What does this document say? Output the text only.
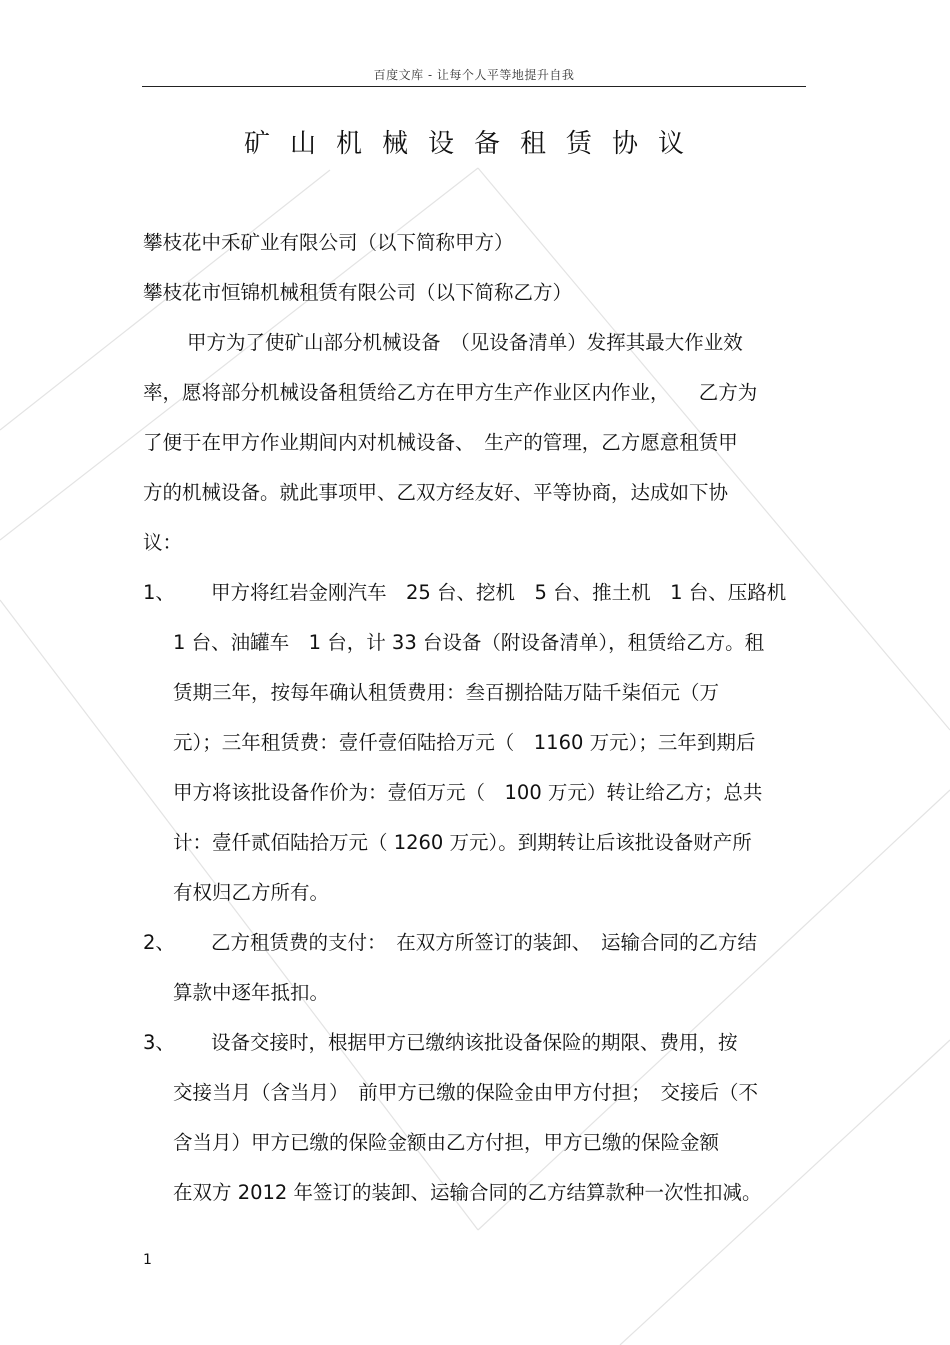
百度文库 - 让每个人平等地提升自我
矿山机械设备租赁协议
攀枝花中禾矿业有限公司（以下简称甲方）
攀枝花市恒锦机械租赁有限公司（以下简称乙方）
甲方为了使矿山部分机械设备　（见设备清单）发挥其最大作业效
率，愿将部分机械设备租赁给乙方在甲方生产作业区内作业，　　乙方为
了便于在甲方作业期间内对机械设备、　生产的管理，乙方愿意租赁甲
方的机械设备。就此事项甲、乙双方经友好、平等协商，达成如下协
议：
1、 甲方将红岩金刚汽车　25 台、挖机　5 台、推土机　1 台、压路机
1 台、油罐车　1 台，计 33 台设备（附设备清单），租赁给乙方。租
赁期三年，按每年确认租赁费用：叁百捌拾陆万陆千柒佰元（万
元）；三年租赁费：壹仟壹佰陆拾万元（　1160 万元）；三年到期后
甲方将该批设备作价为：壹佰万元（　100 万元）转让给乙方；总共
计：壹仟贰佰陆拾万元（ 1260 万元）。到期转让后该批设备财产所
有权归乙方所有。
2、 乙方租赁费的支付：　在双方所签订的装卸、　运输合同的乙方结
算款中逐年抵扣。
3、 设备交接时，根据甲方已缴纳该批设备保险的期限、费用，按
交接当月（含当月）　前甲方已缴的保险金由甲方付担；　交接后（不
含当月）甲方已缴的保险金额由乙方付担，甲方已缴的保险金额
在双方 2012 年签订的装卸、运输合同的乙方结算款种一次性扣减。
1
